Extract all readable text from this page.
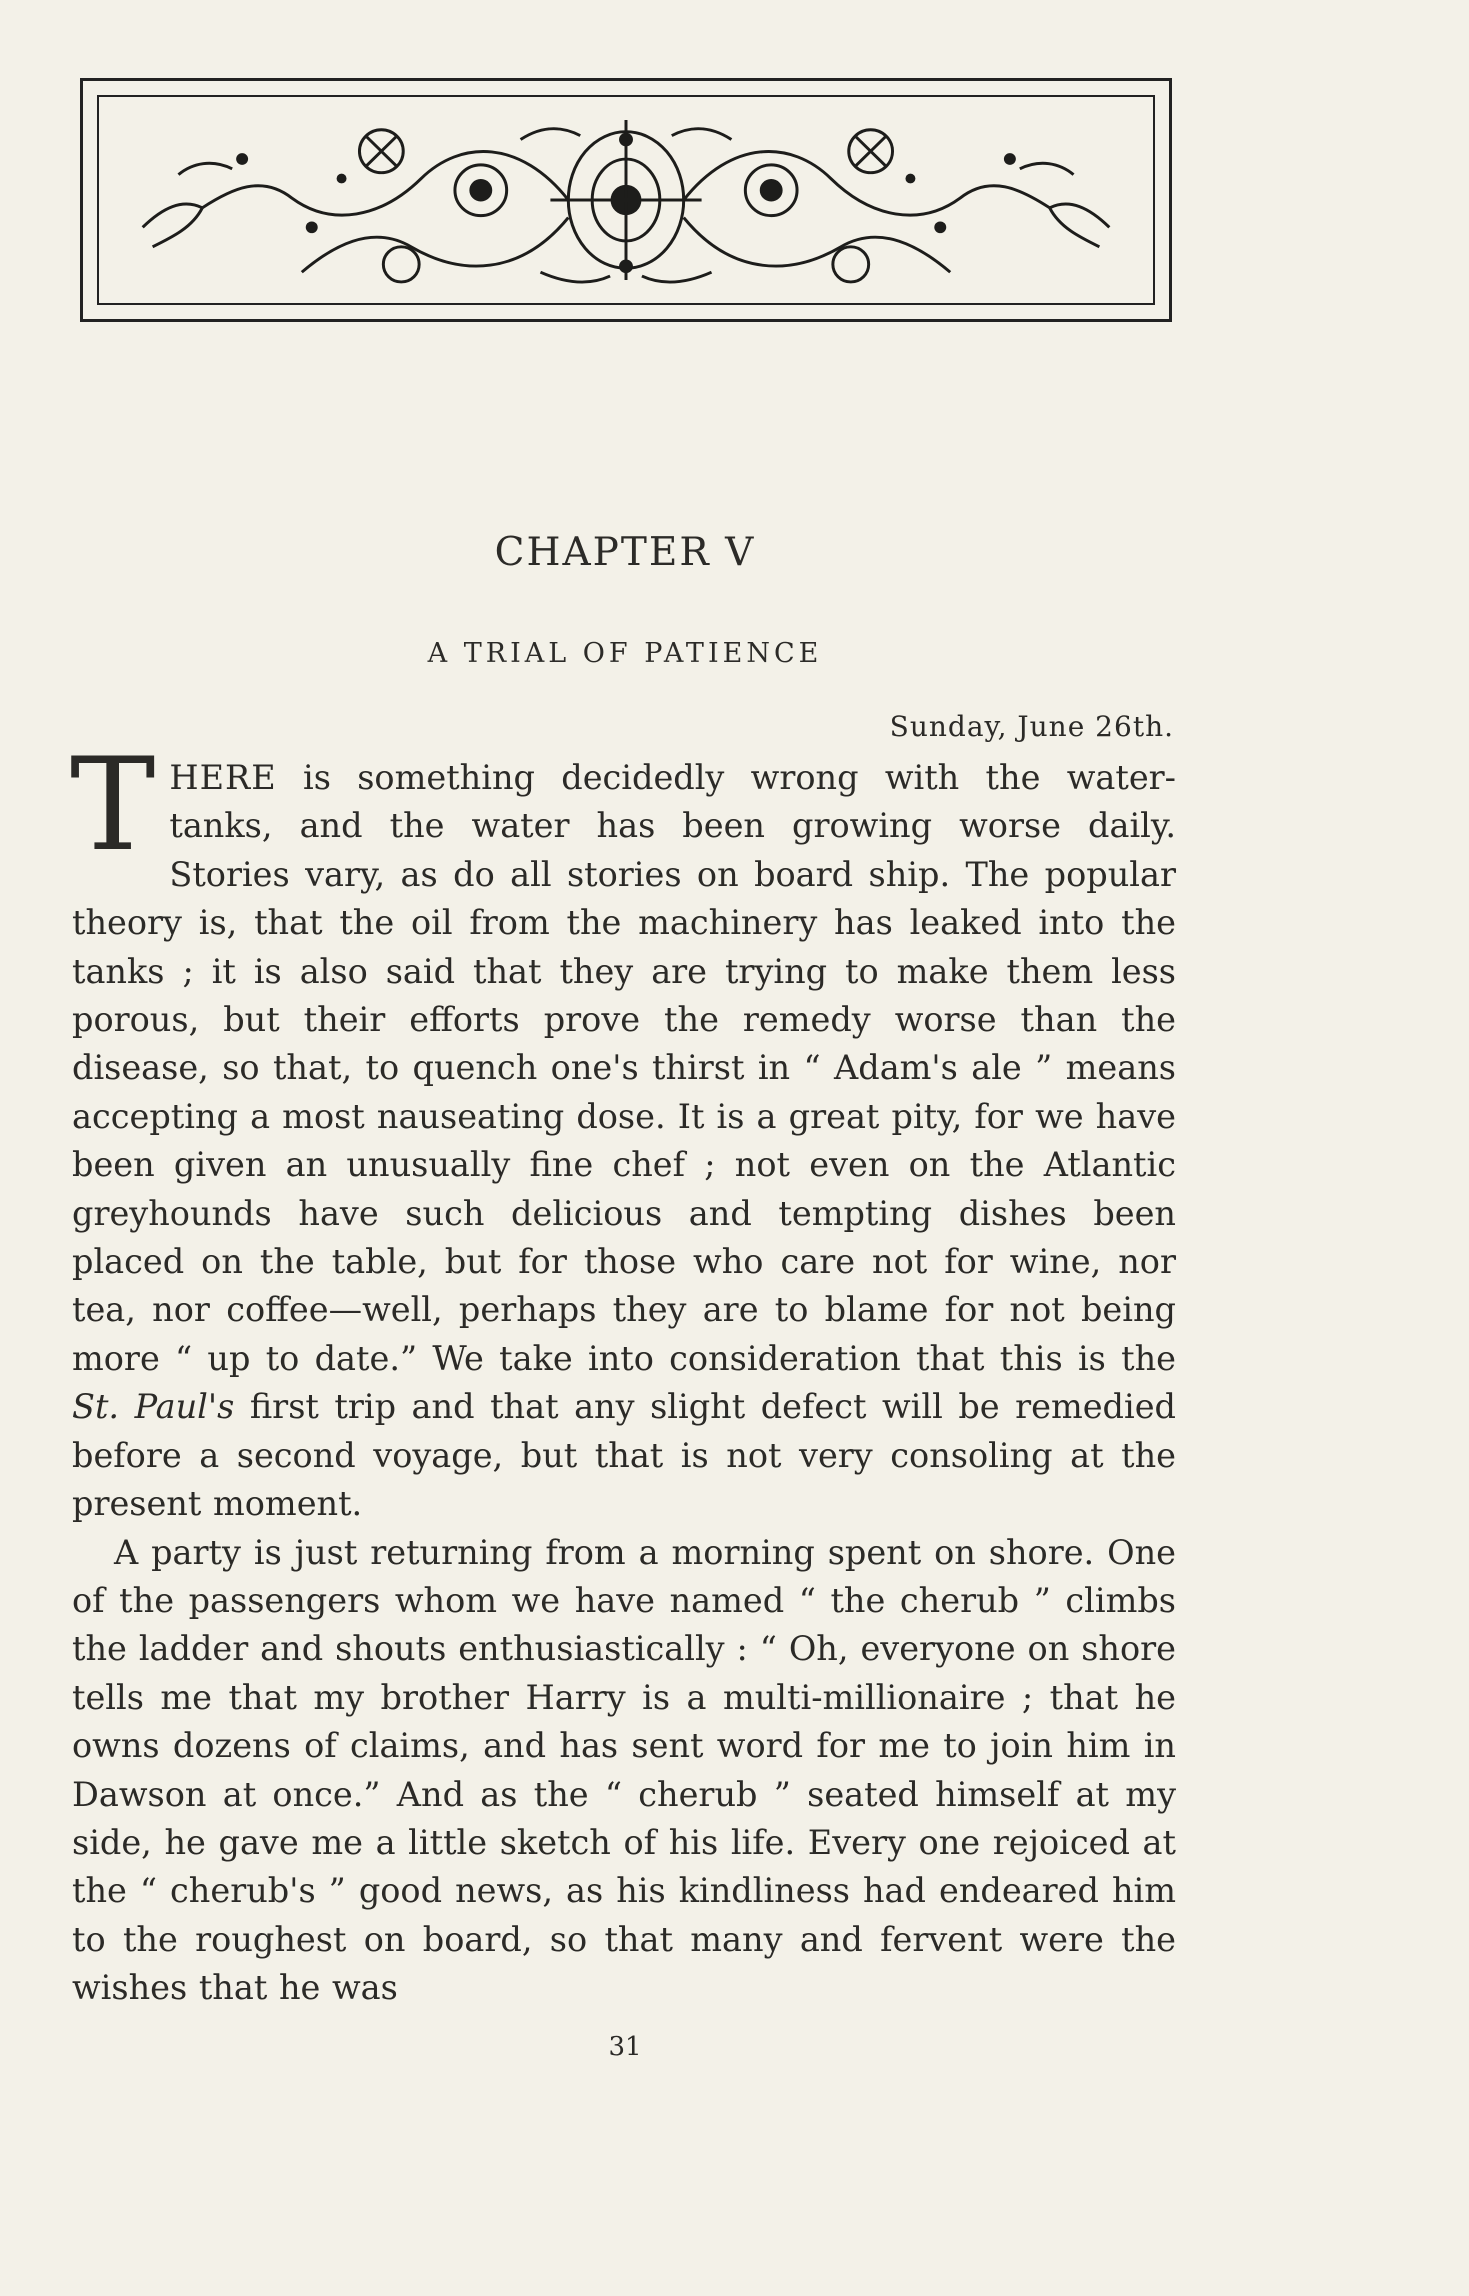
CHAPTER V
A TRIAL OF PATIENCE
Sunday, June 26th.

THERE is something decidedly wrong with the water-tanks, and the water has been growing worse daily. Stories vary, as do all stories on board ship. The popular theory is, that the oil from the machinery has leaked into the tanks ; it is also said that they are trying to make them less porous, but their efforts prove the remedy worse than the disease, so that, to quench one's thirst in “ Adam's ale ” means accepting a most nauseating dose. It is a great pity, for we have been given an unusually fine chef ; not even on the Atlantic greyhounds have such delicious and tempting dishes been placed on the table, but for those who care not for wine, nor tea, nor coffee—well, perhaps they are to blame for not being more “ up to date.” We take into consideration that this is the St. Paul's first trip and that any slight defect will be remedied before a second voyage, but that is not very consoling at the present moment.

A party is just returning from a morning spent on shore. One of the passengers whom we have named “ the cherub ” climbs the ladder and shouts enthusiastically : “ Oh, everyone on shore tells me that my brother Harry is a multi-millionaire ; that he owns dozens of claims, and has sent word for me to join him in Dawson at once.” And as the “ cherub ” seated himself at my side, he gave me a little sketch of his life. Every one rejoiced at the “ cherub's ” good news, as his kindliness had endeared him to the roughest on board, so that many and fervent were the wishes that he was

31
